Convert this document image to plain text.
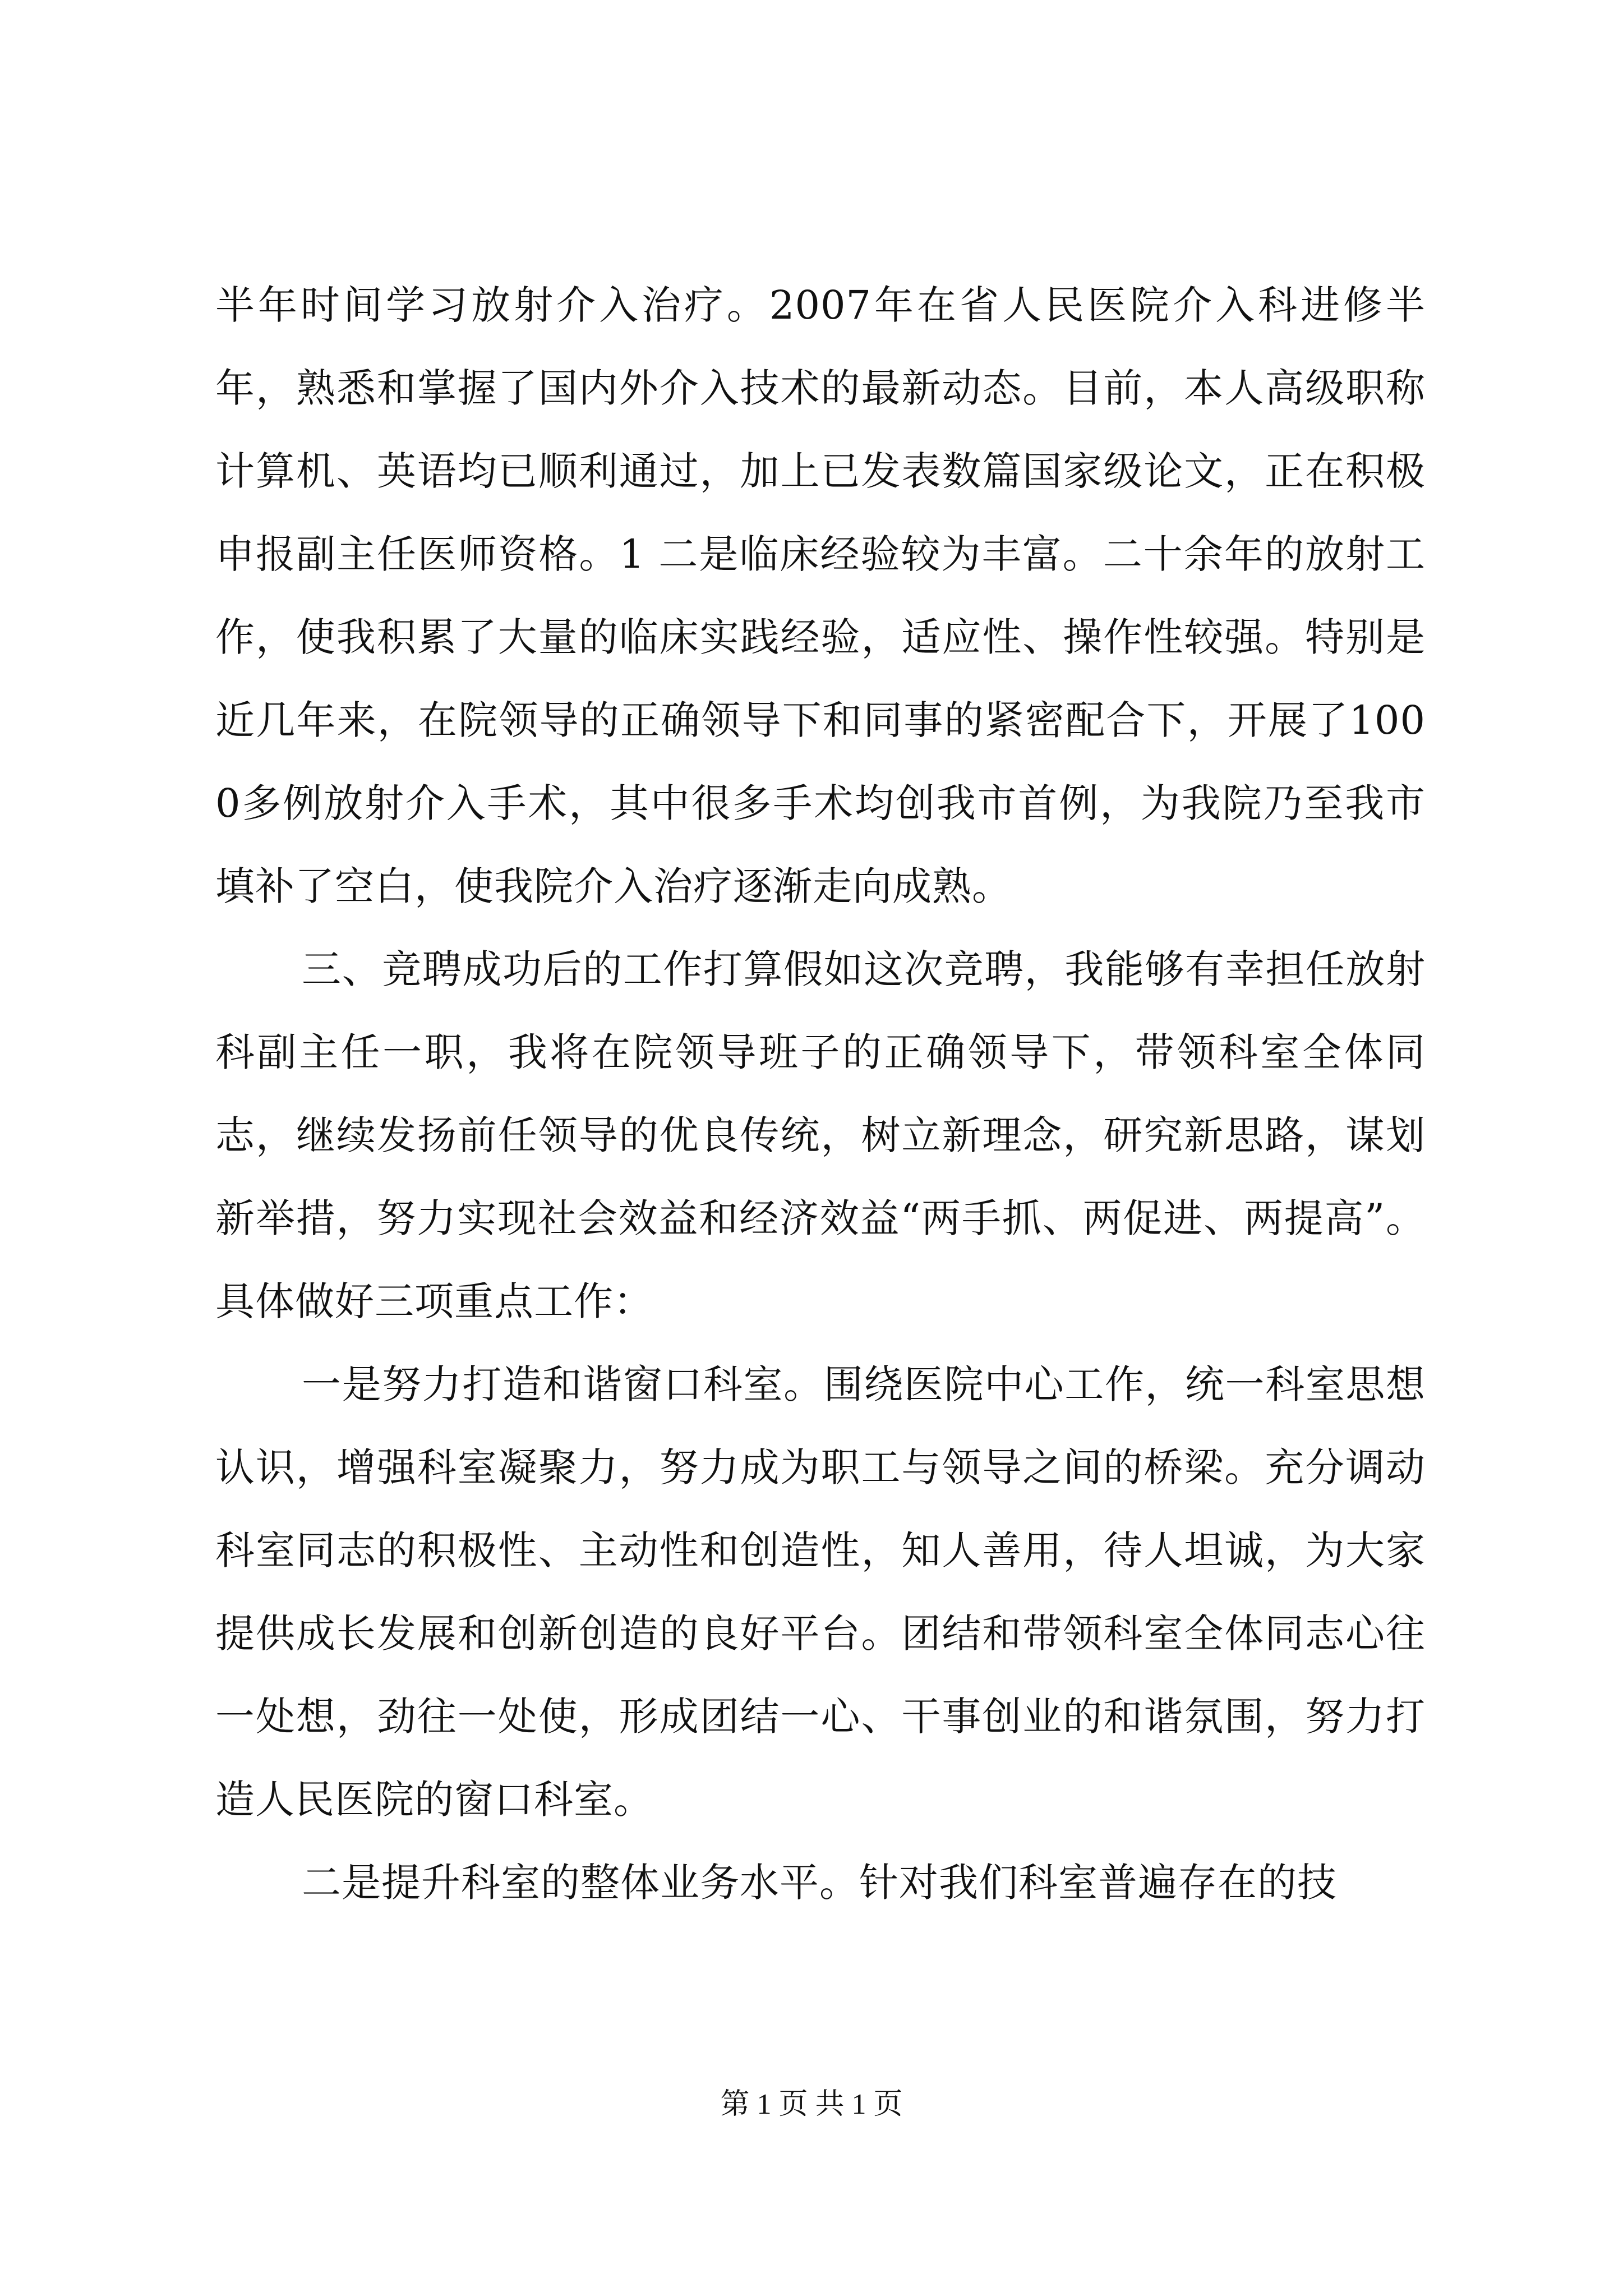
半年时间学习放射介入治疗。2007年在省人民医院介入科进修半年，熟悉和掌握了国内外介入技术的最新动态。目前，本人高级职称计算机、英语均已顺利通过，加上已发表数篇国家级论文，正在积极申报副主任医师资格。1 二是临床经验较为丰富。二十余年的放射工作，使我积累了大量的临床实践经验，适应性、操作性较强。特别是近几年来，在院领导的正确领导下和同事的紧密配合下，开展了1000多例放射介入手术，其中很多手术均创我市首例，为我院乃至我市填补了空白，使我院介入治疗逐渐走向成熟。

三、竞聘成功后的工作打算假如这次竞聘，我能够有幸担任放射科副主任一职，我将在院领导班子的正确领导下，带领科室全体同志，继续发扬前任领导的优良传统，树立新理念，研究新思路，谋划新举措，努力实现社会效益和经济效益“两手抓、两促进、两提高”。具体做好三项重点工作：

一是努力打造和谐窗口科室。围绕医院中心工作，统一科室思想认识，增强科室凝聚力，努力成为职工与领导之间的桥梁。充分调动科室同志的积极性、主动性和创造性，知人善用，待人坦诚，为大家提供成长发展和创新创造的良好平台。团结和带领科室全体同志心往一处想，劲往一处使，形成团结一心、干事创业的和谐氛围，努力打造人民医院的窗口科室。

二是提升科室的整体业务水平。针对我们科室普遍存在的技

第 1 页 共 1 页
